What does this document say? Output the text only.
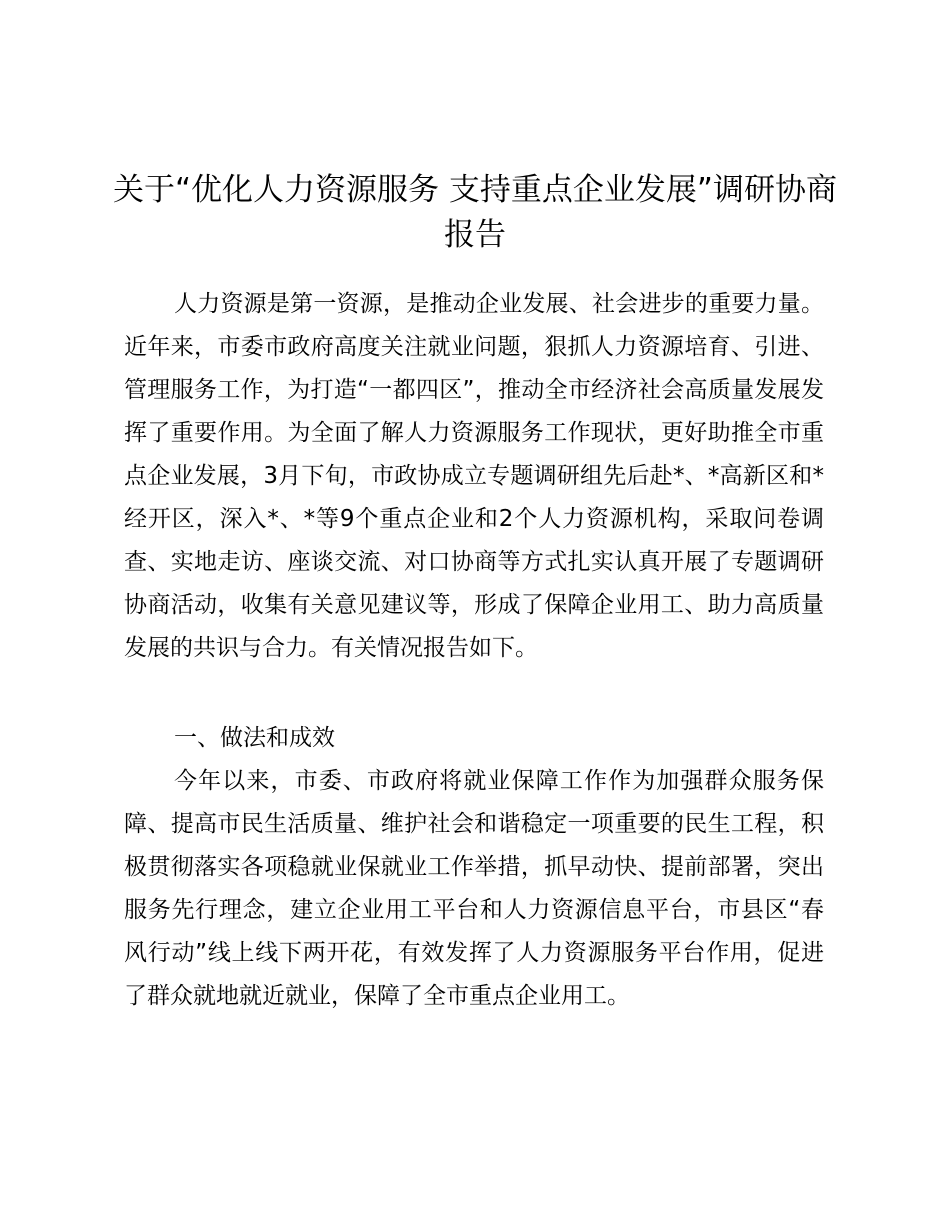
关于“优化人力资源服务 支持重点企业发展”调研协商报告

人力资源是第一资源，是推动企业发展、社会进步的重要力量。近年来，市委市政府高度关注就业问题，狠抓人力资源培育、引进、管理服务工作，为打造“一都四区”，推动全市经济社会高质量发展发挥了重要作用。为全面了解人力资源服务工作现状，更好助推全市重点企业发展，3月下旬，市政协成立专题调研组先后赴*、*高新区和*经开区，深入*、*等9个重点企业和2个人力资源机构，采取问卷调查、实地走访、座谈交流、对口协商等方式扎实认真开展了专题调研协商活动，收集有关意见建议等，形成了保障企业用工、助力高质量发展的共识与合力。有关情况报告如下。

一、做法和成效

今年以来，市委、市政府将就业保障工作作为加强群众服务保障、提高市民生活质量、维护社会和谐稳定一项重要的民生工程，积极贯彻落实各项稳就业保就业工作举措，抓早动快、提前部署，突出服务先行理念，建立企业用工平台和人力资源信息平台，市县区“春风行动”线上线下两开花，有效发挥了人力资源服务平台作用，促进了群众就地就近就业，保障了全市重点企业用工。
